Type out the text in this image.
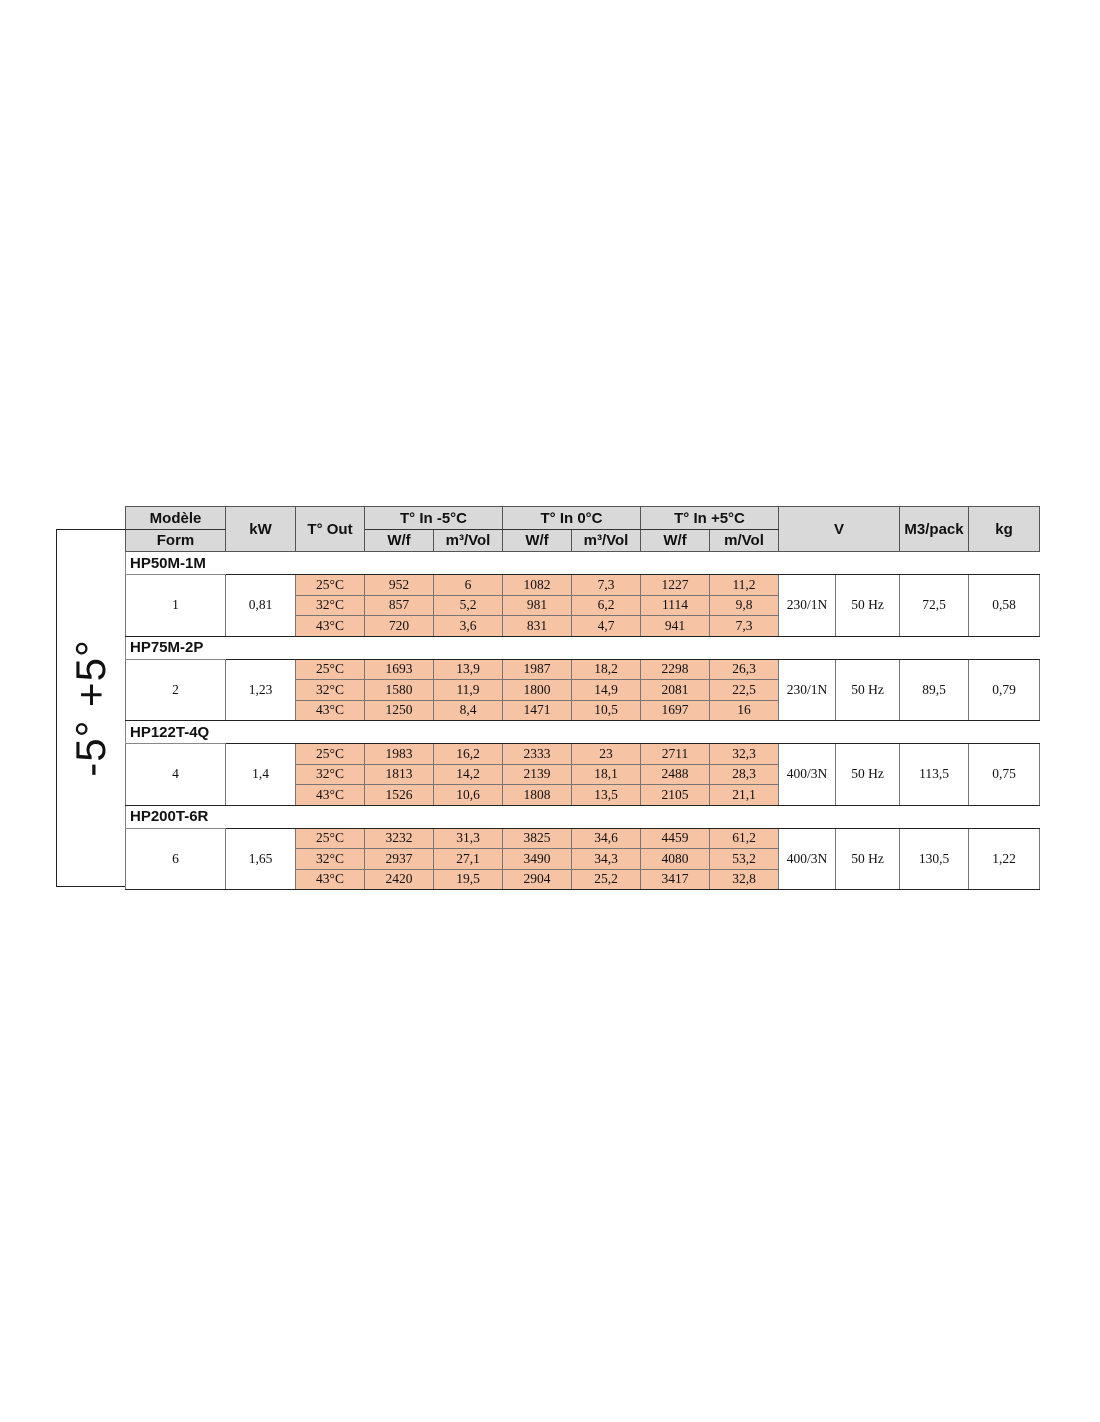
-5° +5°
Modèle	kW	T° Out	T° In -5°C		T° In 0°C		T° In +5°C		V		M3/pack	kg
Form			W/f	m³/Vol	W/f	m³/Vol	W/f	m/Vol				
HP50M-1M												
1	0,81	25°C	952	6	1082	7,3	1227	11,2	230/1N	50 Hz	72,5	0,58
		32°C	857	5,2	981	6,2	1114	9,8				
		43°C	720	3,6	831	4,7	941	7,3				
HP75M-2P												
2	1,23	25°C	1693	13,9	1987	18,2	2298	26,3	230/1N	50 Hz	89,5	0,79
		32°C	1580	11,9	1800	14,9	2081	22,5				
		43°C	1250	8,4	1471	10,5	1697	16				
HP122T-4Q												
4	1,4	25°C	1983	16,2	2333	23	2711	32,3	400/3N	50 Hz	113,5	0,75
		32°C	1813	14,2	2139	18,1	2488	28,3				
		43°C	1526	10,6	1808	13,5	2105	21,1				
HP200T-6R												
6	1,65	25°C	3232	31,3	3825	34,6	4459	61,2	400/3N	50 Hz	130,5	1,22
		32°C	2937	27,1	3490	34,3	4080	53,2				
		43°C	2420	19,5	2904	25,2	3417	32,8				
